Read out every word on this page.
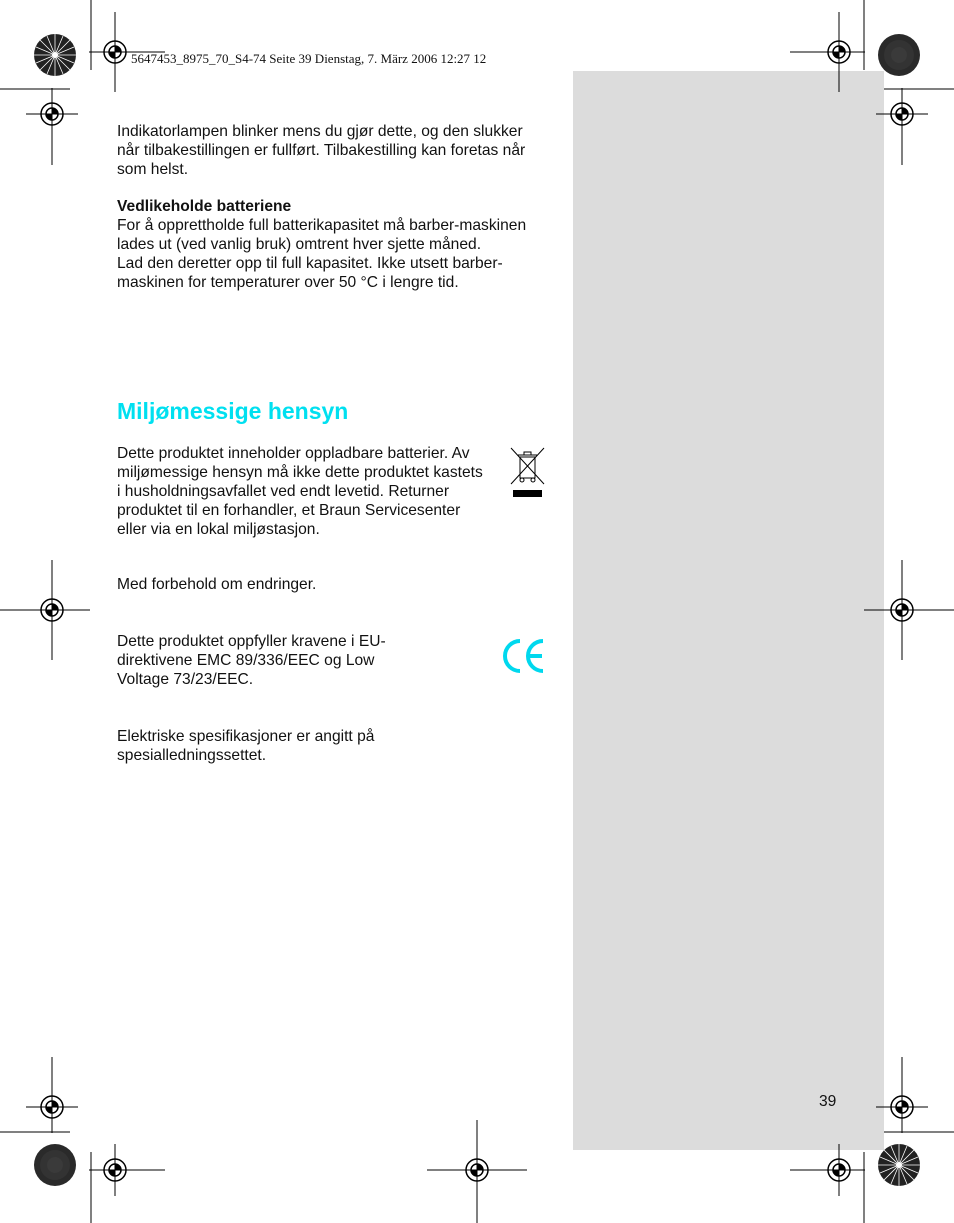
5647453_8975_70_S4-74 Seite 39 Dienstag, 7. März 2006 12:27 12

Indikatorlampen blinker mens du gjør dette, og den slukker når tilbakestillingen er fullført. Tilbakestilling kan foretas når som helst.

Vedlikeholde batteriene

For å opprettholde full batterikapasitet må barber-maskinen lades ut (ved vanlig bruk) omtrent hver sjette måned.

Lad den deretter opp til full kapasitet. Ikke utsett barber-maskinen for temperaturer over 50 °C i lengre tid.

Miljømessige hensyn

Dette produktet inneholder oppladbare batterier. Av miljømessige hensyn må ikke dette produktet kastets i husholdningsavfallet ved endt levetid. Returner produktet til en forhandler, et Braun Servicesenter eller via en lokal miljøstasjon.

Med forbehold om endringer.

Dette produktet oppfyller kravene i EU-direktivene EMC 89/336/EEC og Low Voltage 73/23/EEC.

Elektriske spesifikasjoner er angitt på spesialledningssettet.

39
